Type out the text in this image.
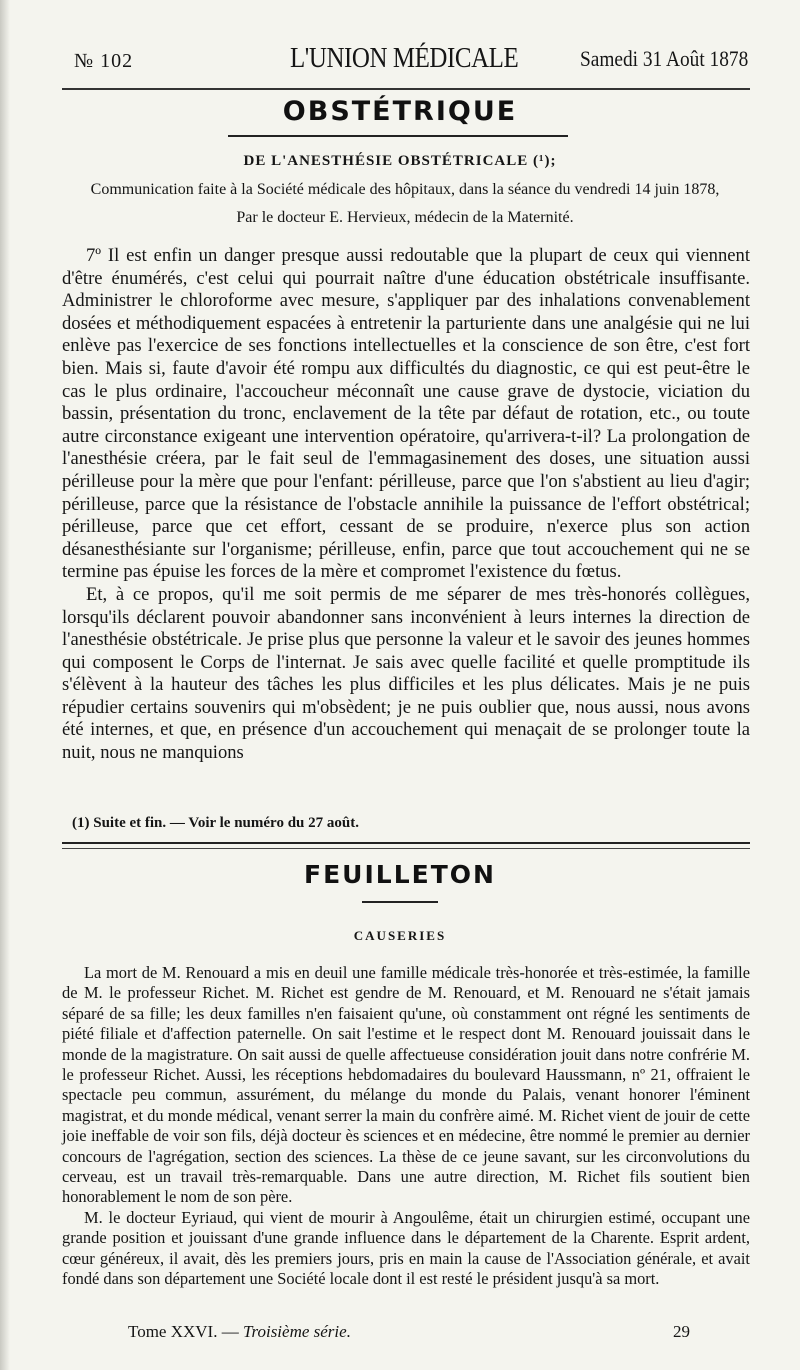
№ 102	L'UNION MÉDICALE	Samedi 31 Août 1878
OBSTÉTRIQUE
DE L'ANESTHÉSIE OBSTÉTRICALE (¹);
Communication faite à la Société médicale des hôpitaux, dans la séance du vendredi 14 juin 1878,
Par le docteur E. Hervieux, médecin de la Maternité.

7º Il est enfin un danger presque aussi redoutable que la plupart de ceux qui viennent d'être énumérés, c'est celui qui pourrait naître d'une éducation obstétricale insuffisante. Administrer le chloroforme avec mesure, s'appliquer par des inhalations convenablement dosées et méthodiquement espacées à entretenir la parturiente dans une analgésie qui ne lui enlève pas l'exercice de ses fonctions intellectuelles et la conscience de son être, c'est fort bien. Mais si, faute d'avoir été rompu aux difficultés du diagnostic, ce qui est peut-être le cas le plus ordinaire, l'accoucheur méconnaît une cause grave de dystocie, viciation du bassin, présentation du tronc, enclavement de la tête par défaut de rotation, etc., ou toute autre circonstance exigeant une intervention opératoire, qu'arrivera-t-il? La prolongation de l'anesthésie créera, par le fait seul de l'emmagasinement des doses, une situation aussi périlleuse pour la mère que pour l'enfant: périlleuse, parce que l'on s'abstient au lieu d'agir; périlleuse, parce que la résistance de l'obstacle annihile la puissance de l'effort obstétrical; périlleuse, parce que cet effort, cessant de se produire, n'exerce plus son action désanesthésiante sur l'organisme; périlleuse, enfin, parce que tout accouchement qui ne se termine pas épuise les forces de la mère et compromet l'existence du fœtus.

Et, à ce propos, qu'il me soit permis de me séparer de mes très-honorés collègues, lorsqu'ils déclarent pouvoir abandonner sans inconvénient à leurs internes la direction de l'anesthésie obstétricale. Je prise plus que personne la valeur et le savoir des jeunes hommes qui composent le Corps de l'internat. Je sais avec quelle facilité et quelle promptitude ils s'élèvent à la hauteur des tâches les plus difficiles et les plus délicates. Mais je ne puis répudier certains souvenirs qui m'obsèdent; je ne puis oublier que, nous aussi, nous avons été internes, et que, en présence d'un accouchement qui menaçait de se prolonger toute la nuit, nous ne manquions

(1) Suite et fin. — Voir le numéro du 27 août.
FEUILLETON
CAUSERIES

La mort de M. Renouard a mis en deuil une famille médicale très-honorée et très-estimée, la famille de M. le professeur Richet. M. Richet est gendre de M. Renouard, et M. Renouard ne s'était jamais séparé de sa fille; les deux familles n'en faisaient qu'une, où constamment ont régné les sentiments de piété filiale et d'affection paternelle. On sait l'estime et le respect dont M. Renouard jouissait dans le monde de la magistrature. On sait aussi de quelle affectueuse considération jouit dans notre confrérie M. le professeur Richet. Aussi, les réceptions hebdomadaires du boulevard Haussmann, nº 21, offraient le spectacle peu commun, assurément, du mélange du monde du Palais, venant honorer l'éminent magistrat, et du monde médical, venant serrer la main du confrère aimé. M. Richet vient de jouir de cette joie ineffable de voir son fils, déjà docteur ès sciences et en médecine, être nommé le premier au dernier concours de l'agrégation, section des sciences. La thèse de ce jeune savant, sur les circonvolutions du cerveau, est un travail très-remarquable. Dans une autre direction, M. Richet fils soutient bien honorablement le nom de son père.

M. le docteur Eyriaud, qui vient de mourir à Angoulême, était un chirurgien estimé, occupant une grande position et jouissant d'une grande influence dans le département de la Charente. Esprit ardent, cœur généreux, il avait, dès les premiers jours, pris en main la cause de l'Association générale, et avait fondé dans son département une Société locale dont il est resté le président jusqu'à sa mort.

Tome XXVI. — Troisième série.	29
